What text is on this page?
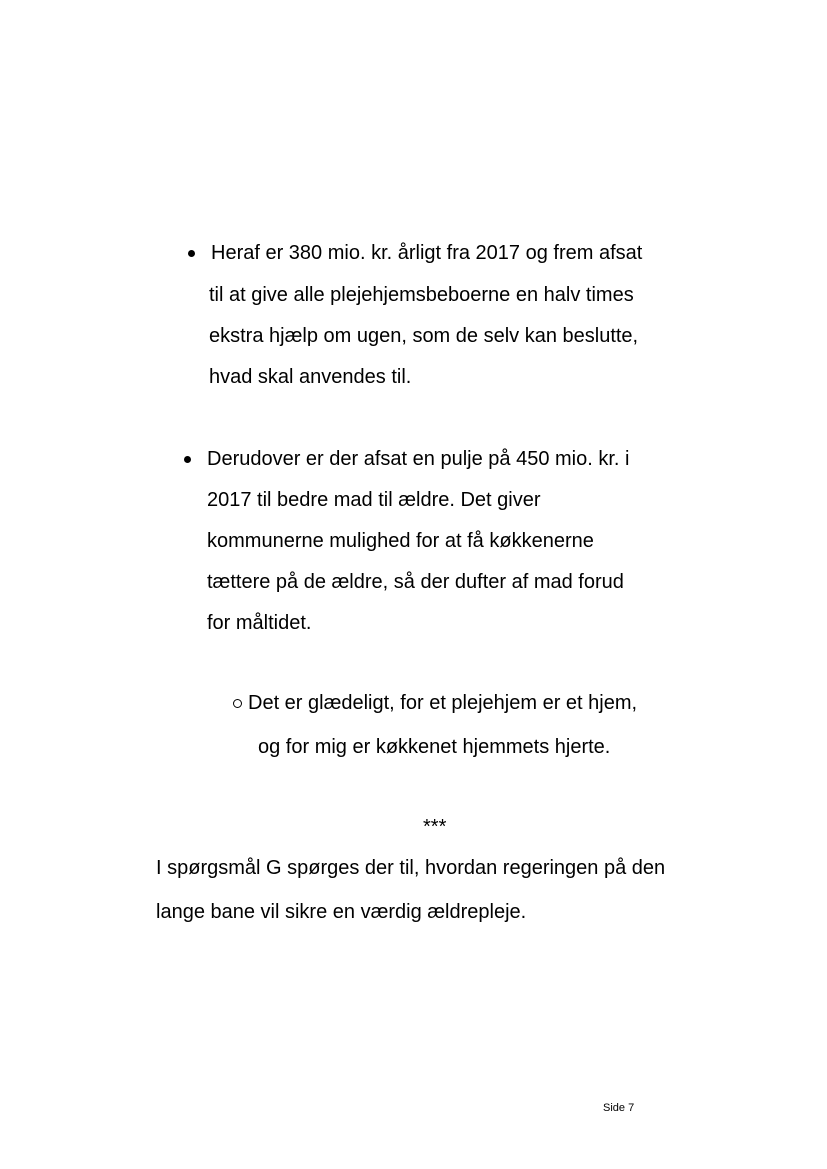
Heraf er 380 mio. kr. årligt fra 2017 og frem afsat
til at give alle plejehjemsbeboerne en halv times
ekstra hjælp om ugen, som de selv kan beslutte,
hvad skal anvendes til.
Derudover er der afsat en pulje på 450 mio. kr. i
2017 til bedre mad til ældre. Det giver
kommunerne mulighed for at få køkkenerne
tættere på de ældre, så der dufter af mad forud
for måltidet.
Det er glædeligt, for et plejehjem er et hjem,
og for mig er køkkenet hjemmets hjerte.
***
I spørgsmål G spørges der til, hvordan regeringen på den
lange bane vil sikre en værdig ældrepleje.
Side 7
